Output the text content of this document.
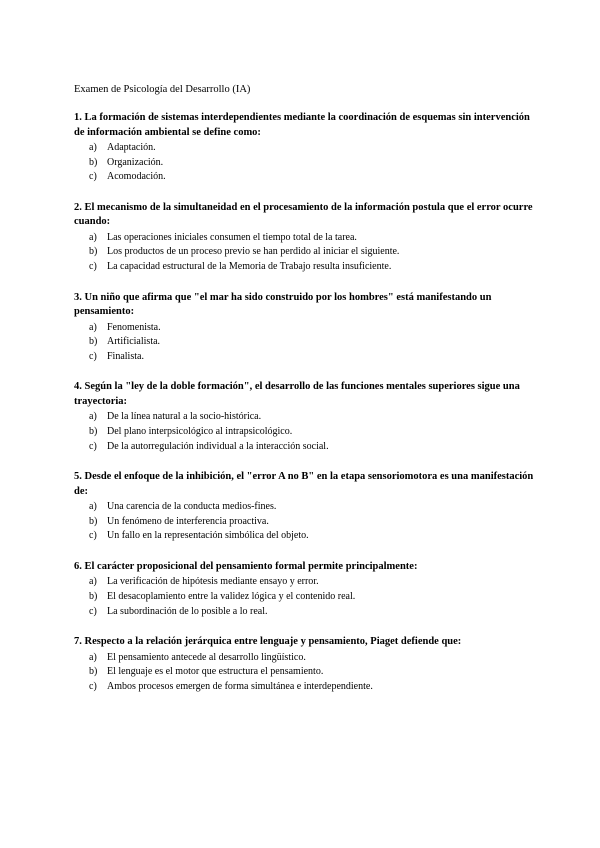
Examen de Psicología del Desarrollo (IA)
1. La formación de sistemas interdependientes mediante la coordinación de esquemas sin intervención de información ambiental se define como:
a)	Adaptación.
b) Organización.
c)	Acomodación.
2. El mecanismo de la simultaneidad en el procesamiento de la información postula que el error ocurre cuando:
a)	Las operaciones iniciales consumen el tiempo total de la tarea.
b) Los productos de un proceso previo se han perdido al iniciar el siguiente.
c)	La capacidad estructural de la Memoria de Trabajo resulta insuficiente.
3. Un niño que afirma que "el mar ha sido construido por los hombres" está manifestando un pensamiento:
a)	Fenomenista.
b) Artificialista.
c)	Finalista.
4. Según la "ley de la doble formación", el desarrollo de las funciones mentales superiores sigue una trayectoria:
a)	De la línea natural a la socio-histórica.
b) Del plano interpsicológico al intrapsicológico.
c)	De la autorregulación individual a la interacción social.
5. Desde el enfoque de la inhibición, el "error A no B" en la etapa sensoriomotora es una manifestación de:
a)	Una carencia de la conducta medios-fines.
b) Un fenómeno de interferencia proactiva.
c)	Un fallo en la representación simbólica del objeto.
6. El carácter proposicional del pensamiento formal permite principalmente:
a)	La verificación de hipótesis mediante ensayo y error.
b) El desacoplamiento entre la validez lógica y el contenido real.
c)	La subordinación de lo posible a lo real.
7. Respecto a la relación jerárquica entre lenguaje y pensamiento, Piaget defiende que:
a)	El pensamiento antecede al desarrollo lingüístico.
b) El lenguaje es el motor que estructura el pensamiento.
c)	Ambos procesos emergen de forma simultánea e interdependiente.
